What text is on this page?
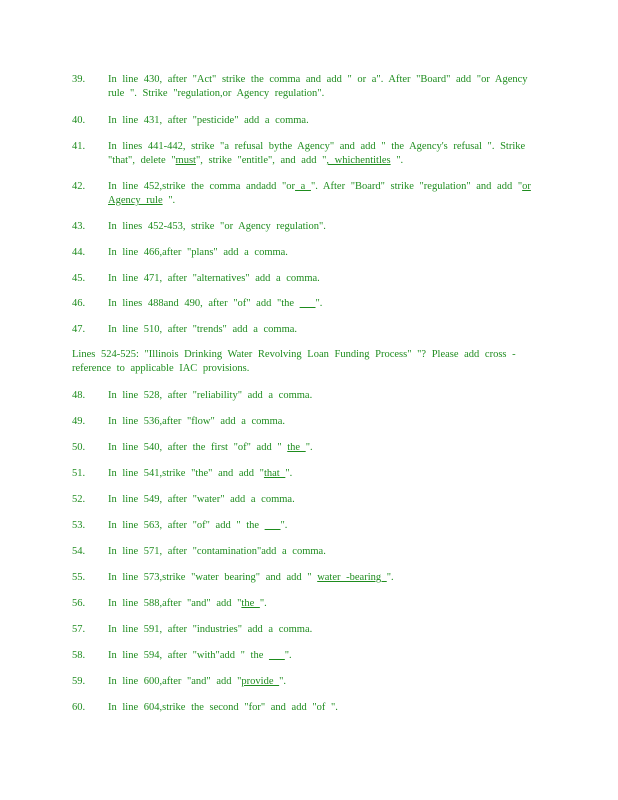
39.	In line 430, after "Act" strike the comma and add " or a". After "Board" add "or Agency rule ". Strike "regulation,or Agency regulation".
40.	In line 431, after "pesticide" add a comma.
41.	In lines 441-442, strike "a refusal bythe Agency" and add " the Agency's refusal ". Strike "that", delete "must", strike "entitle", and add ", whichentitles ".
42.	In line 452,strike the comma andadd "or a ". After "Board" strike "regulation" and add "or Agency rule ".
43.	In lines 452-453, strike "or Agency regulation".
44.	In line 466,after "plans" add a comma.
45.	In line 471, after "alternatives" add a comma.
46.	In lines 488and 490, after "of" add "the ___".
47.	In line 510, after "trends" add a comma.
Lines 524-525: "Illinois Drinking Water Revolving Loan Funding Process" "? Please add cross - reference to applicable IAC provisions.
48.	In line 528, after "reliability" add a comma.
49.	In line 536,after "flow" add a comma.
50.	In line 540, after the first "of" add " the ".
51.	In line 541,strike "the" and add "that ".
52.	In line 549, after "water" add a comma.
53.	In line 563, after "of" add " the ___".
54.	In line 571, after "contamination"add a comma.
55.	In line 573,strike "water bearing" and add " water -bearing ".
56.	In line 588,after "and" add "the ".
57.	In line 591, after "industries" add a comma.
58.	In line 594, after "with"add " the ___".
59.	In line 600,after "and" add "provide ".
60.	In line 604,strike the second "for" and add "of ".
